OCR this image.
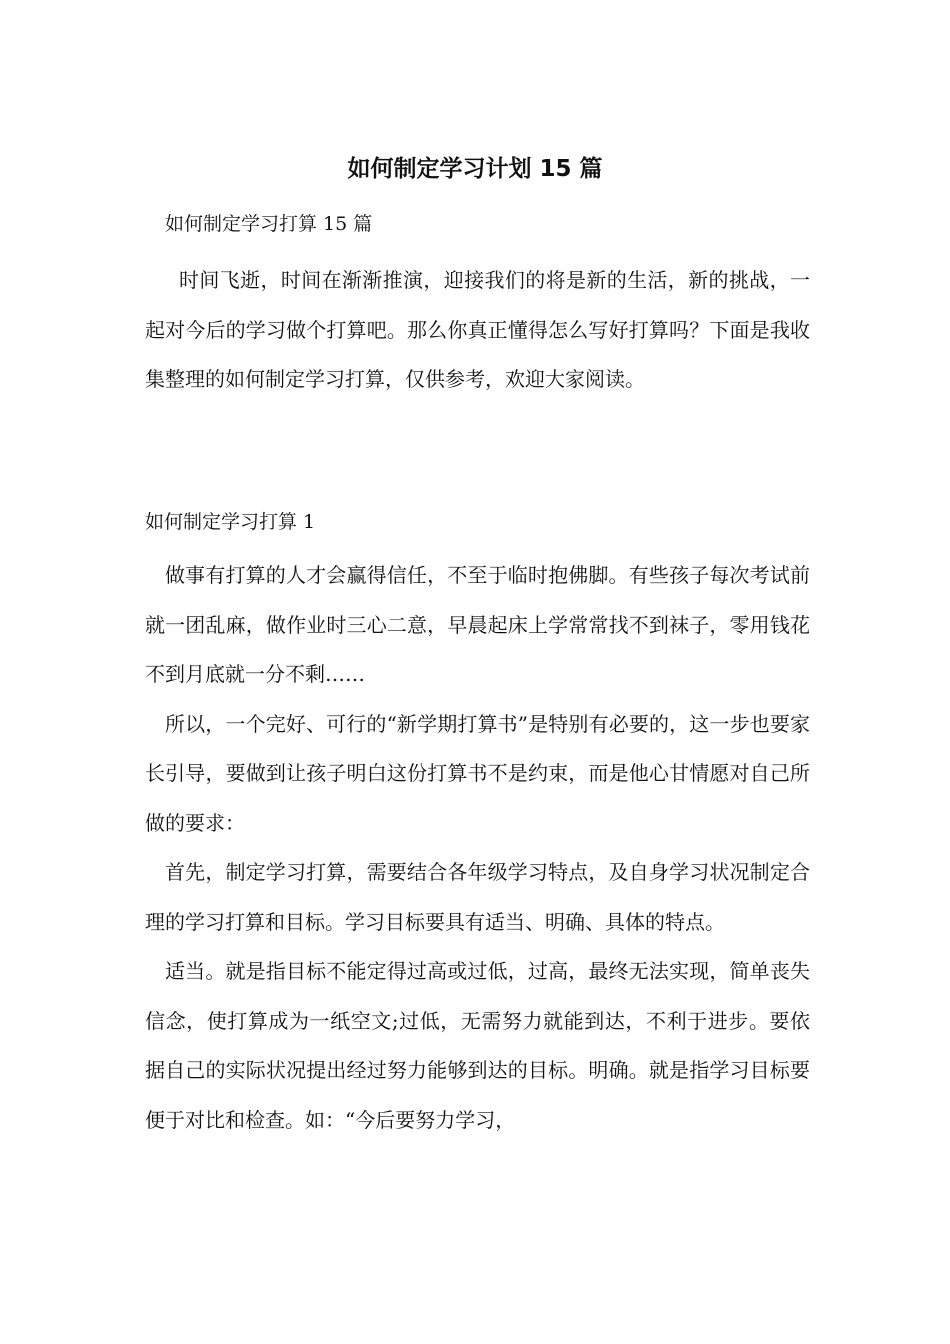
如何制定学习计划 15 篇
如何制定学习打算 15 篇

时间飞逝，时间在渐渐推演，迎接我们的将是新的生活，新的挑战，一起对今后的学习做个打算吧。那么你真正懂得怎么写好打算吗？下面是我收集整理的如何制定学习打算，仅供参考，欢迎大家阅读。

如何制定学习打算 1

做事有打算的人才会赢得信任，不至于临时抱佛脚。有些孩子每次考试前就一团乱麻，做作业时三心二意，早晨起床上学常常找不到袜子，零用钱花不到月底就一分不剩……

所以，一个完好、可行的“新学期打算书”是特别有必要的，这一步也要家长引导，要做到让孩子明白这份打算书不是约束，而是他心甘情愿对自己所做的要求：

首先，制定学习打算，需要结合各年级学习特点，及自身学习状况制定合理的学习打算和目标。学习目标要具有适当、明确、具体的特点。

适当。就是指目标不能定得过高或过低，过高，最终无法实现，简单丧失信念，使打算成为一纸空文;过低，无需努力就能到达，不利于进步。要依据自己的实际状况提出经过努力能够到达的目标。明确。就是指学习目标要便于对比和检查。如：“今后要努力学习，
